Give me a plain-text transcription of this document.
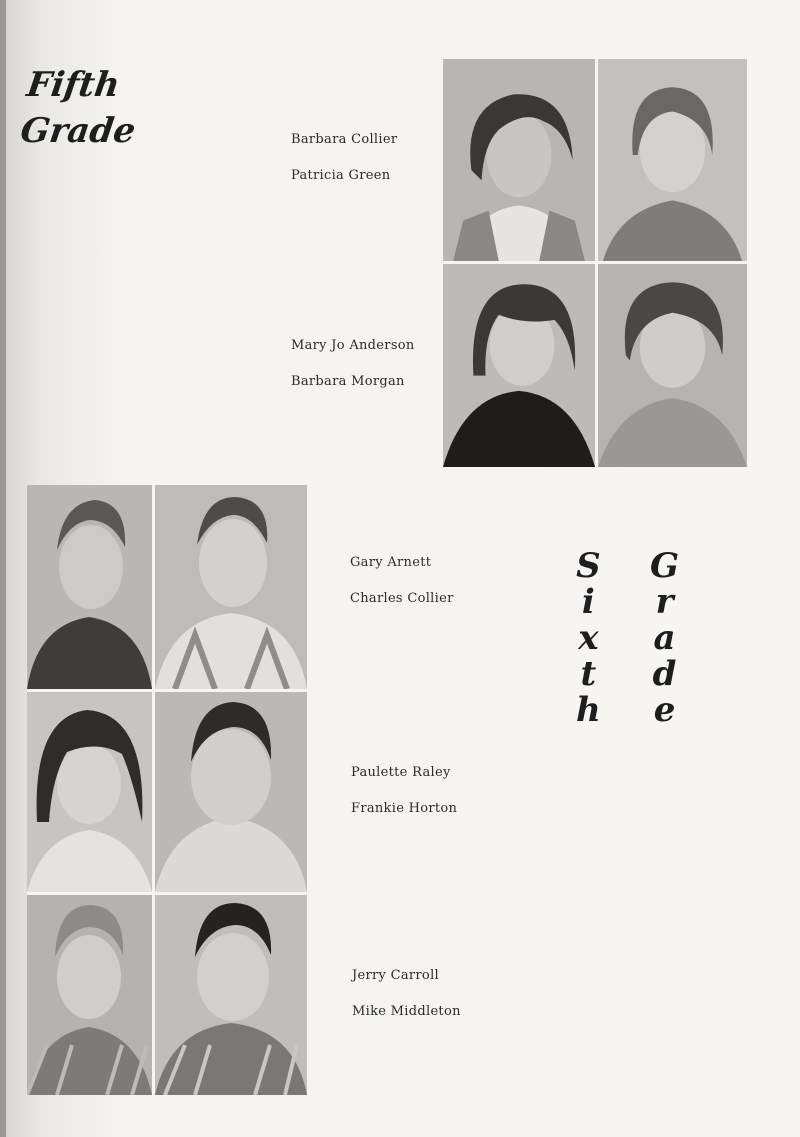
Fifth
Grade	Barbara Collier
Patricia Green
Mary Jo Anderson
Barbara Morgan
Gary Arnett
Charles Collier
Paulette Raley
Frankie Horton
Jerry Carroll
Mike Middleton
S
i
x
t
h
G
r
a
d
e
